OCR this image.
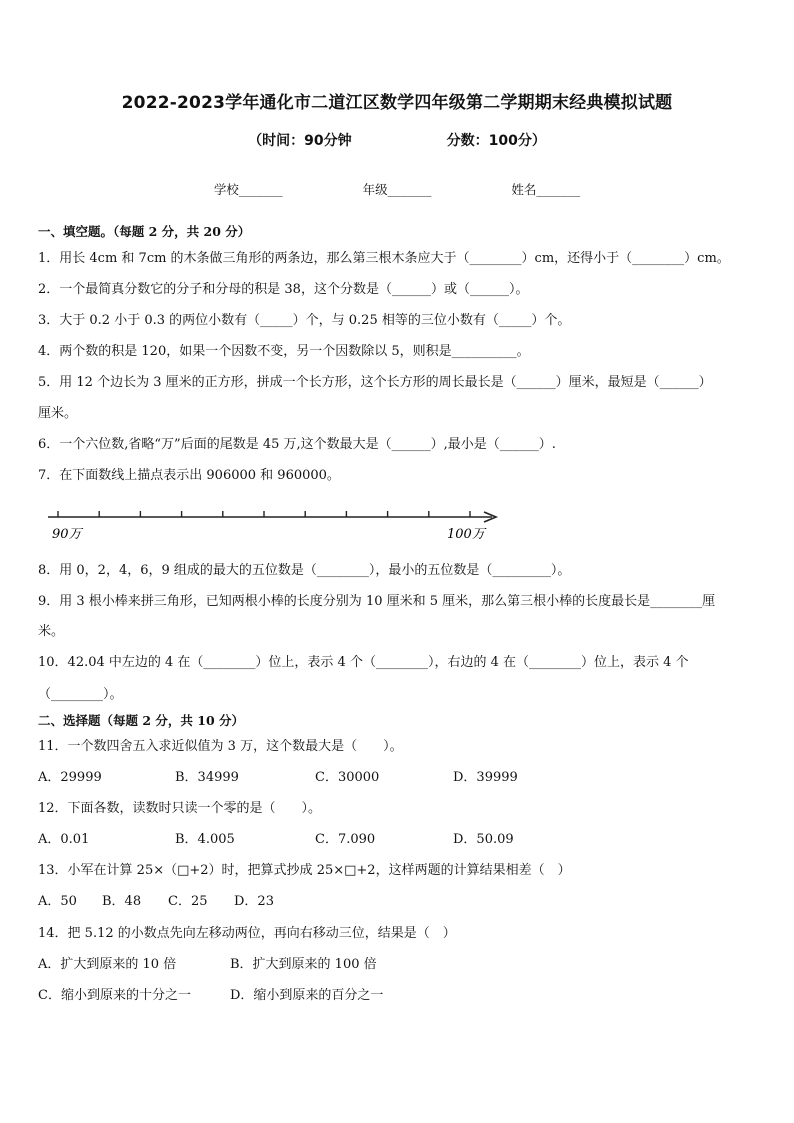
2022-2023学年通化市二道江区数学四年级第二学期期末经典模拟试题
（时间：90分钟	分数：100分）
学校_______	年级_______	姓名_______
一、填空题。（每题 2 分，共 20 分）
1．用长 4cm 和 7cm 的木条做三角形的两条边，那么第三根木条应大于（________）cm，还得小于（________）cm。
2．一个最简真分数它的分子和分母的积是 38，这个分数是（______）或（______）。
3．大于 0.2 小于 0.3 的两位小数有（_____）个，与 0.25 相等的三位小数有（_____）个。
4．两个数的积是 120，如果一个因数不变，另一个因数除以 5，则积是__________。
5．用 12 个边长为 3 厘米的正方形，拼成一个长方形，这个长方形的周长最长是（______）厘米，最短是（______）
厘米。
6．一个六位数,省略“万”后面的尾数是 45 万,这个数最大是（______）,最小是（______）.
7．在下面数线上描点表示出 906000 和 960000。
90万	100万
8．用 0，2，4，6，9 组成的最大的五位数是（________），最小的五位数是（_________）。
9．用 3 根小棒来拼三角形，已知两根小棒的长度分别为 10 厘米和 5 厘米，那么第三根小棒的长度最长是________厘
米。
10．42.04 中左边的 4 在（________）位上，表示 4 个（________），右边的 4 在（________）位上，表示 4 个
（________）。
二、选择题（每题 2 分，共 10 分）
11．一个数四舍五入求近似值为 3 万，这个数最大是（　　）。
A．29999	B．34999	C．30000	D．39999
12．下面各数，读数时只读一个零的是（　　）。
A．0.01	B．4.005	C．7.090	D．50.09
13．小军在计算 25×（□+2）时，把算式抄成 25×□+2，这样两题的计算结果相差（　）
A．50 B．48 C．25 D．23
14．把 5.12 的小数点先向左移动两位，再向右移动三位，结果是（　）
A．扩大到原来的 10 倍	B．扩大到原来的 100 倍
C．缩小到原来的十分之一	D．缩小到原来的百分之一
